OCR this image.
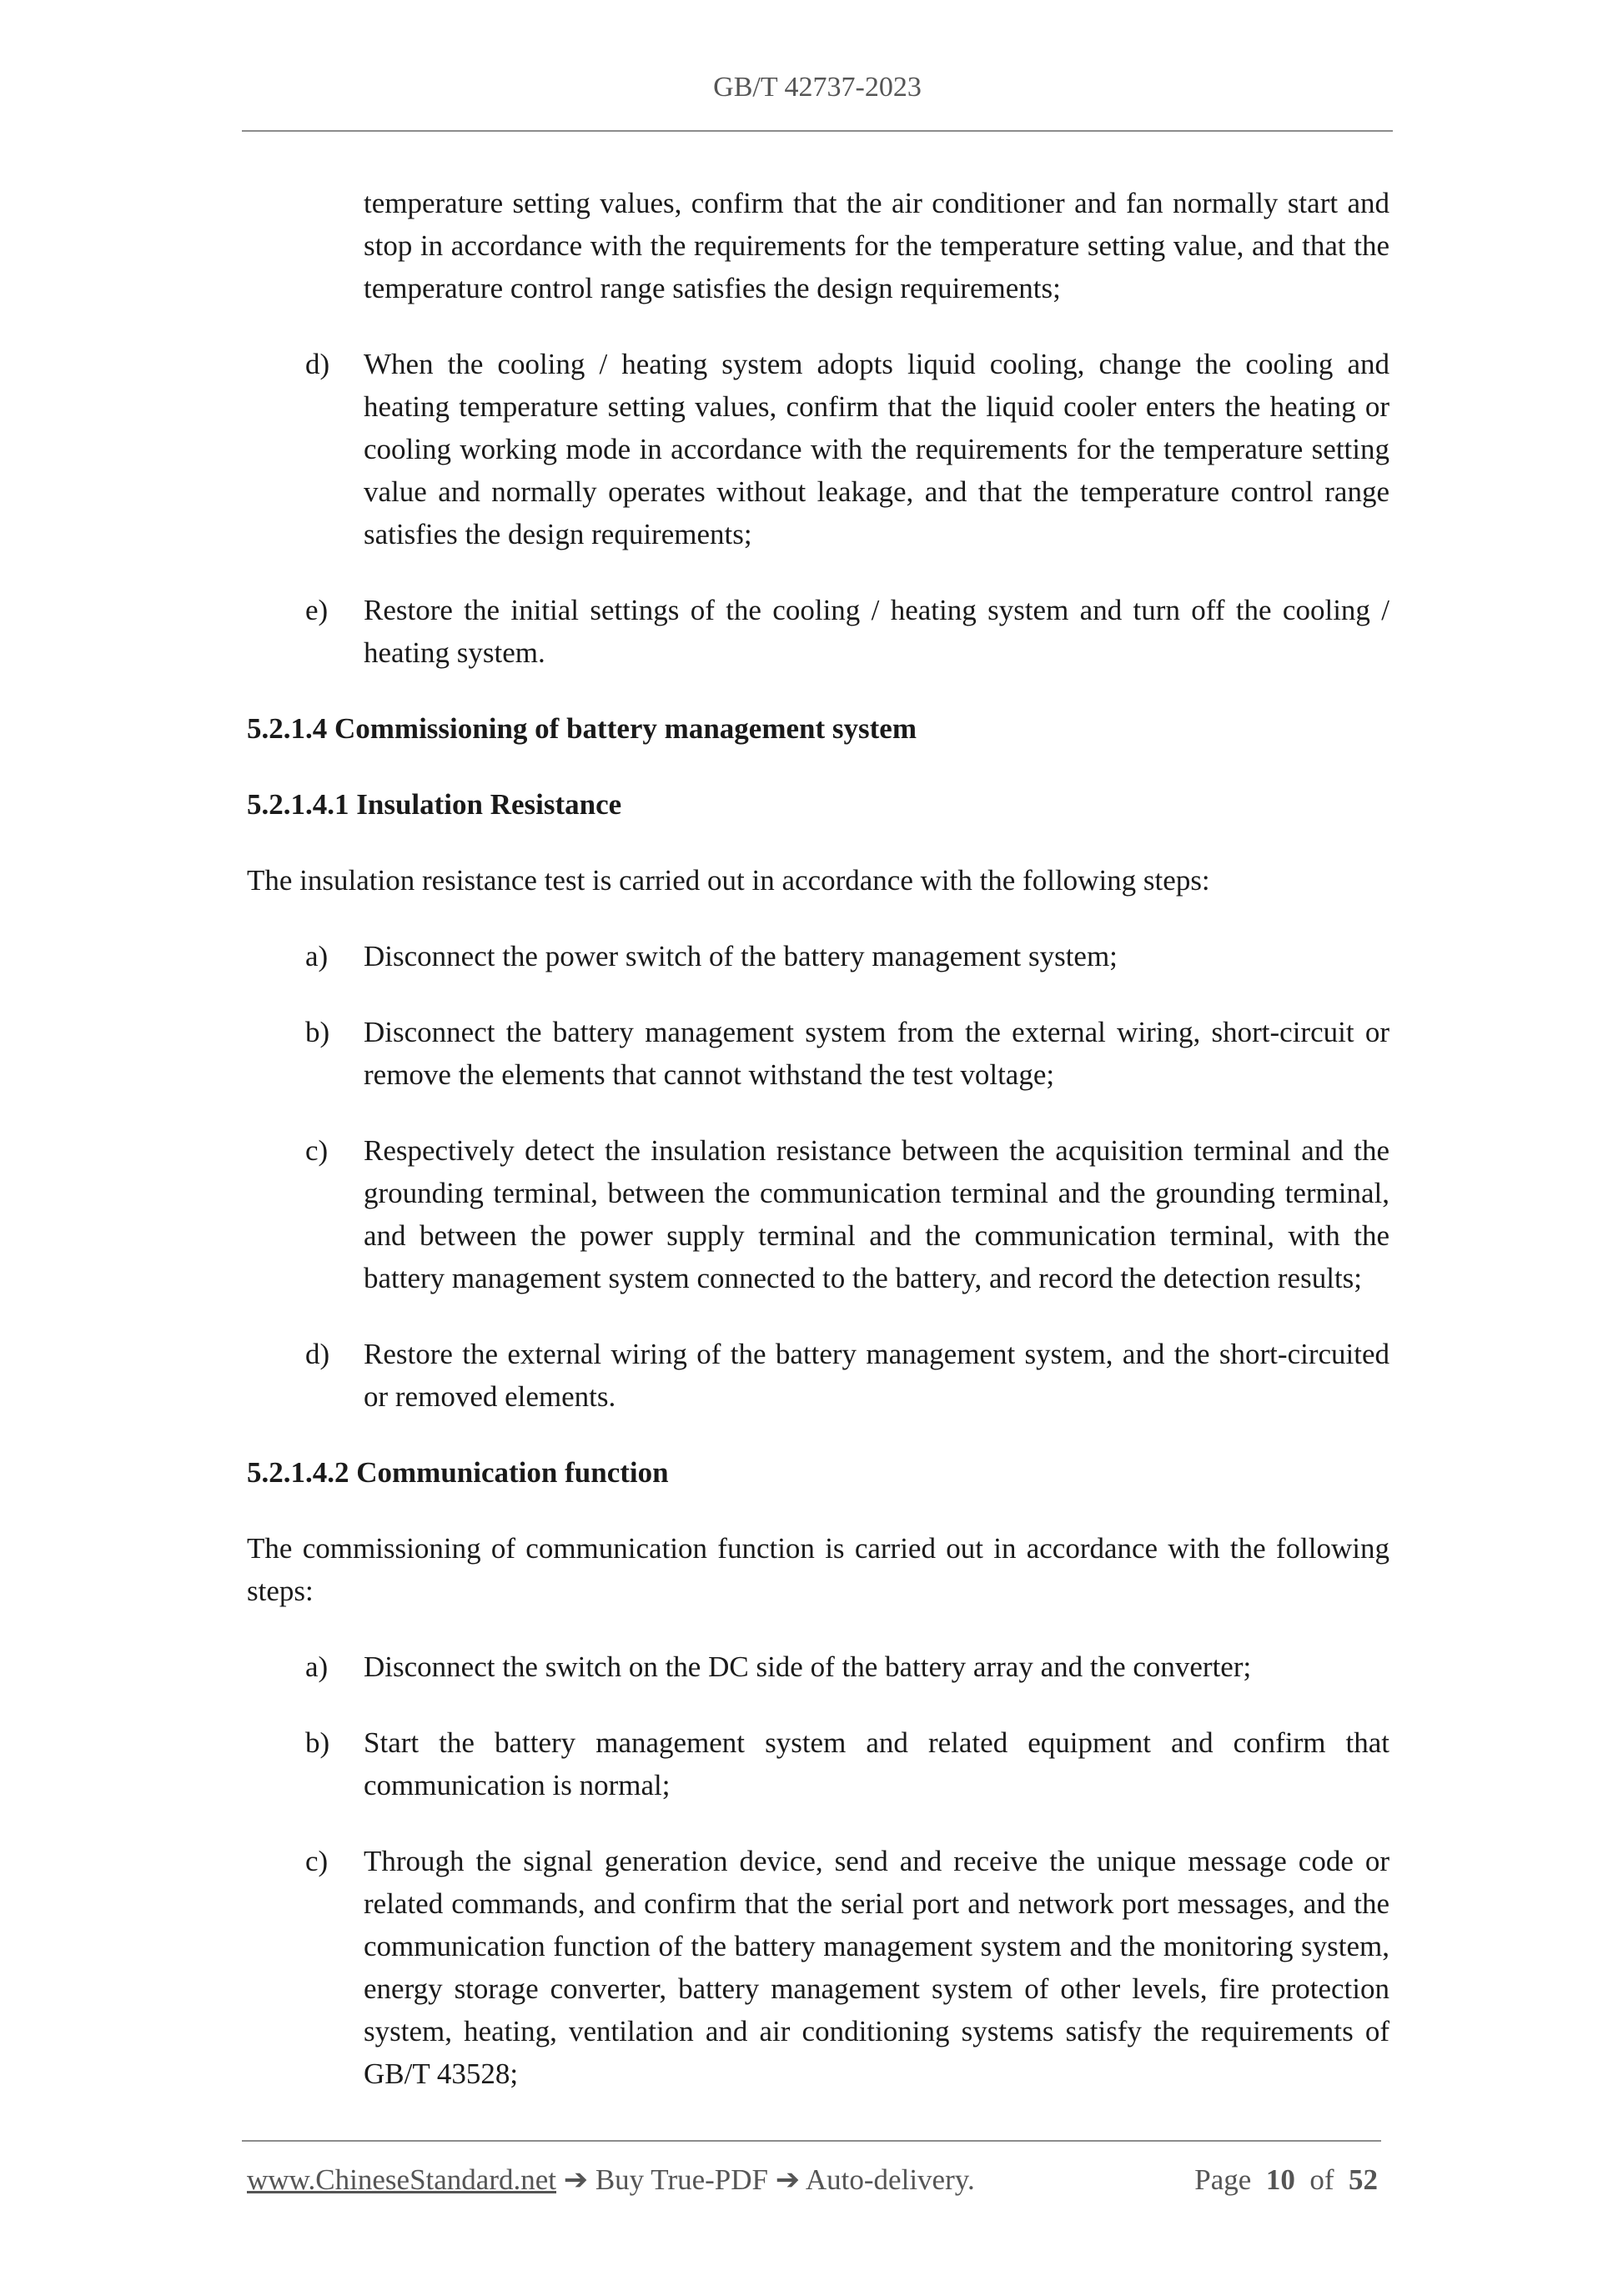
GB/T 42737-2023
temperature setting values, confirm that the air conditioner and fan normally start and stop in accordance with the requirements for the temperature setting value, and that the temperature control range satisfies the design requirements;
d)	When the cooling / heating system adopts liquid cooling, change the cooling and heating temperature setting values, confirm that the liquid cooler enters the heating or cooling working mode in accordance with the requirements for the temperature setting value and normally operates without leakage, and that the temperature control range satisfies the design requirements;
e)	Restore the initial settings of the cooling / heating system and turn off the cooling / heating system.
5.2.1.4 Commissioning of battery management system
5.2.1.4.1 Insulation Resistance
The insulation resistance test is carried out in accordance with the following steps:
a)	Disconnect the power switch of the battery management system;
b)	Disconnect the battery management system from the external wiring, short-circuit or remove the elements that cannot withstand the test voltage;
c)	Respectively detect the insulation resistance between the acquisition terminal and the grounding terminal, between the communication terminal and the grounding terminal, and between the power supply terminal and the communication terminal, with the battery management system connected to the battery, and record the detection results;
d)	Restore the external wiring of the battery management system, and the short-circuited or removed elements.
5.2.1.4.2 Communication function
The commissioning of communication function is carried out in accordance with the following steps:
a)	Disconnect the switch on the DC side of the battery array and the converter;
b)	Start the battery management system and related equipment and confirm that communication is normal;
c)	Through the signal generation device, send and receive the unique message code or related commands, and confirm that the serial port and network port messages, and the communication function of the battery management system and the monitoring system, energy storage converter, battery management system of other levels, fire protection system, heating, ventilation and air conditioning systems satisfy the requirements of GB/T 43528;
www.ChineseStandard.net ➔ Buy True-PDF ➔ Auto-delivery.	Page 10 of 52
